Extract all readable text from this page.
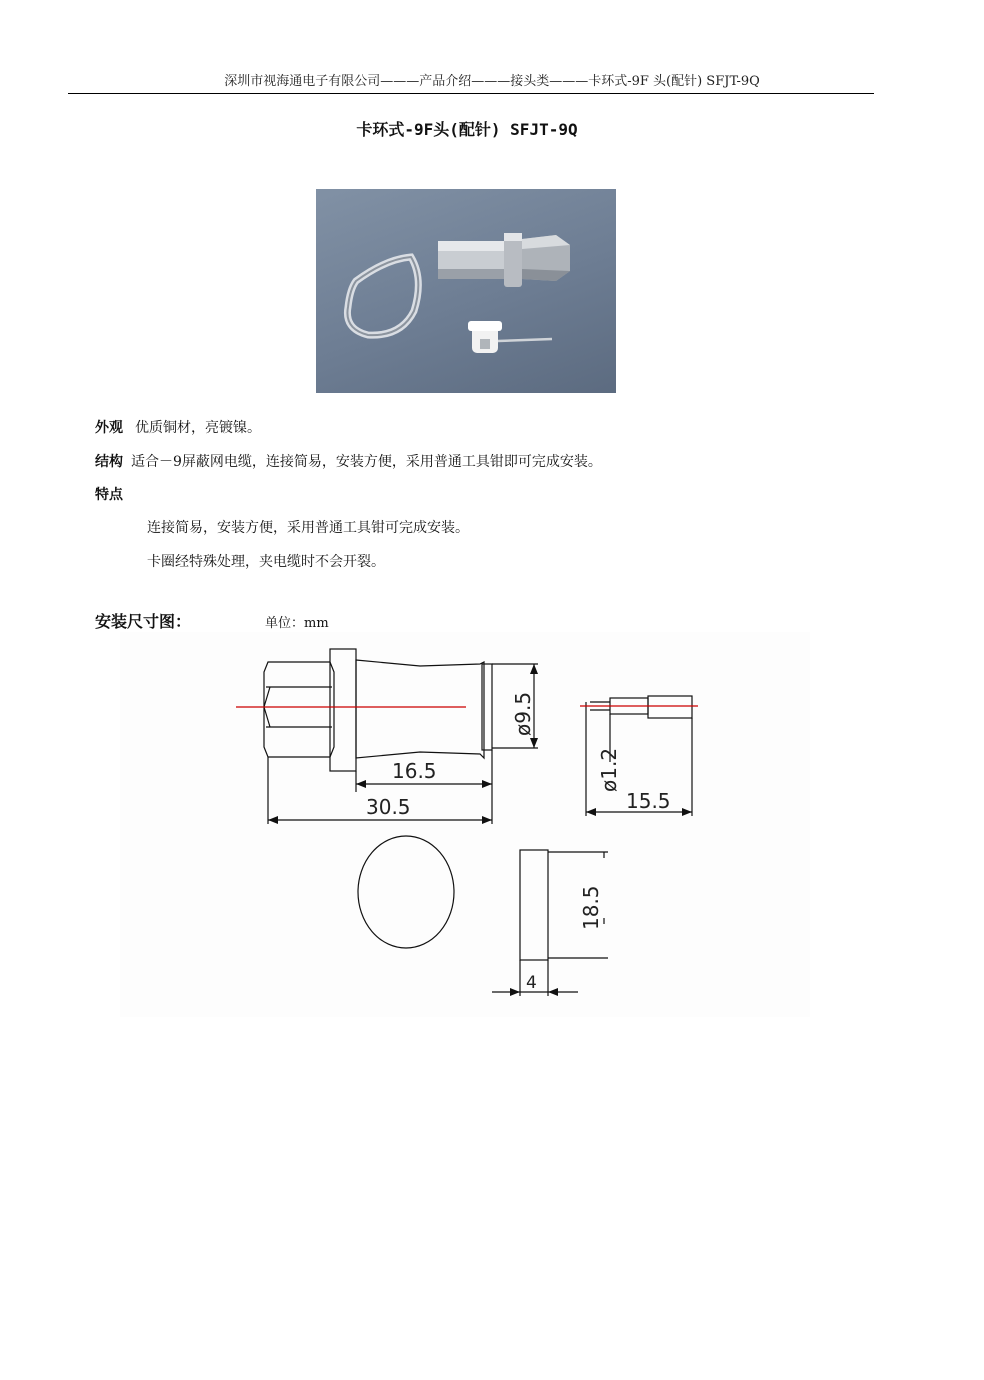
深圳市视海通电子有限公司———产品介绍———接头类———卡环式-9F 头(配针) SFJT-9Q
卡环式-9F头(配针) SFJT-9Q
外观 优质铜材，亮镀镍。
结构 适合－9屏蔽网电缆，连接简易，安装方便，采用普通工具钳即可完成安装。
特点
连接简易，安装方便，采用普通工具钳可完成安装。
卡圈经特殊处理，夹电缆时不会开裂。
安装尺寸图：	单位：mm
ø9.5
16.5
30.5
ø1.2
15.5
18.5
4
